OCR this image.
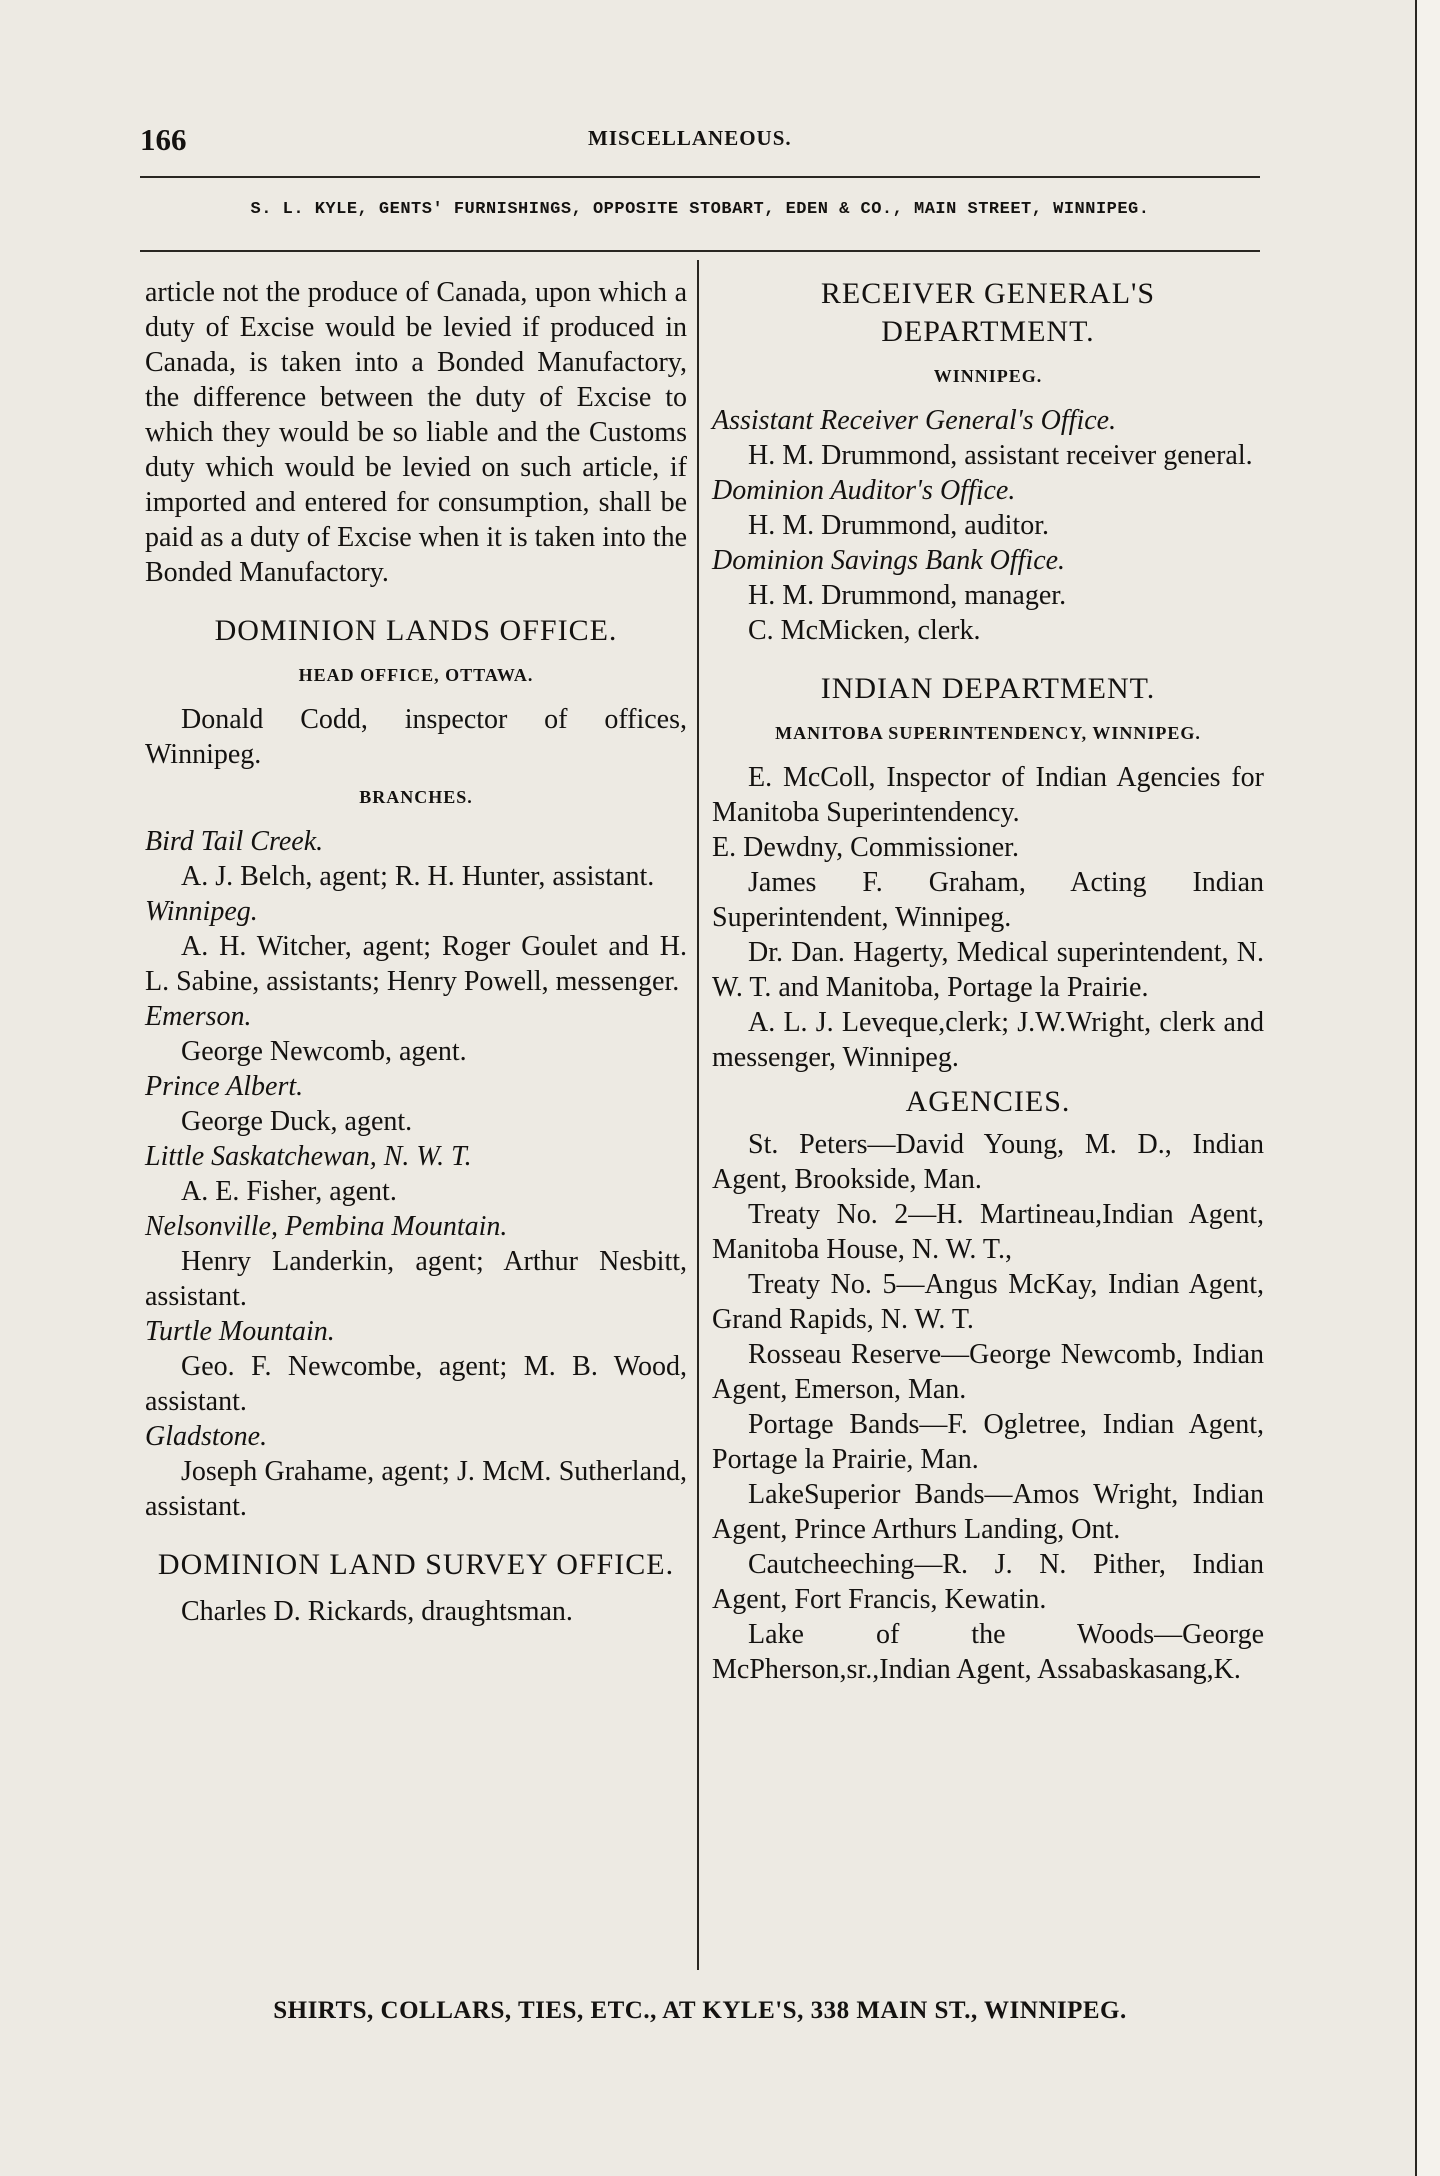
166	MISCELLANEOUS.
S. L. KYLE, GENTS' FURNISHINGS, OPPOSITE STOBART, EDEN & CO., MAIN STREET, WINNIPEG.

article not the produce of Canada, upon which a duty of Excise would be levied if produced in Canada, is taken into a Bonded Manufactory, the difference between the duty of Excise to which they would be so liable and the Customs duty which would be levied on such article, if imported and entered for consumption, shall be paid as a duty of Excise when it is taken into the Bonded Manufactory.

DOMINION LANDS OFFICE.
HEAD OFFICE, OTTAWA.

Donald Codd, inspector of offices, Winnipeg.

BRANCHES.

Bird Tail Creek.

A. J. Belch, agent; R. H. Hunter, assistant.

Winnipeg.

A. H. Witcher, agent; Roger Goulet and H. L. Sabine, assistants; Henry Powell, messenger.

Emerson.

George Newcomb, agent.

Prince Albert.

George Duck, agent.

Little Saskatchewan, N. W. T.

A. E. Fisher, agent.

Nelsonville, Pembina Mountain.

Henry Landerkin, agent; Arthur Nesbitt, assistant.

Turtle Mountain.

Geo. F. Newcombe, agent; M. B. Wood, assistant.

Gladstone.

Joseph Grahame, agent; J. McM. Sutherland, assistant.

DOMINION LAND SURVEY OFFICE.

Charles D. Rickards, draughtsman.

RECEIVER GENERAL'S DEPARTMENT.
WINNIPEG.

Assistant Receiver General's Office.

H. M. Drummond, assistant receiver general.

Dominion Auditor's Office.

H. M. Drummond, auditor.

Dominion Savings Bank Office.

H. M. Drummond, manager.

C. McMicken, clerk.

INDIAN DEPARTMENT.
MANITOBA SUPERINTENDENCY, WINNIPEG.

E. McColl, Inspector of Indian Agencies for Manitoba Superintendency.

E. Dewdny, Commissioner.

James F. Graham, Acting Indian Superintendent, Winnipeg.

Dr. Dan. Hagerty, Medical superintendent, N. W. T. and Manitoba, Portage la Prairie.

A. L. J. Leveque,clerk; J.W.Wright, clerk and messenger, Winnipeg.

AGENCIES.

St. Peters—David Young, M. D., Indian Agent, Brookside, Man.

Treaty No. 2—H. Martineau,Indian Agent, Manitoba House, N. W. T.,

Treaty No. 5—Angus McKay, Indian Agent, Grand Rapids, N. W. T.

Rosseau Reserve—George Newcomb, Indian Agent, Emerson, Man.

Portage Bands—F. Ogletree, Indian Agent, Portage la Prairie, Man.

LakeSuperior Bands—Amos Wright, Indian Agent, Prince Arthurs Landing, Ont.

Cautcheeching—R. J. N. Pither, Indian Agent, Fort Francis, Kewatin.

Lake of the Woods—George McPherson,sr.,Indian Agent, Assabaskasang,K.

SHIRTS, COLLARS, TIES, ETC., AT KYLE'S, 338 MAIN ST., WINNIPEG.
